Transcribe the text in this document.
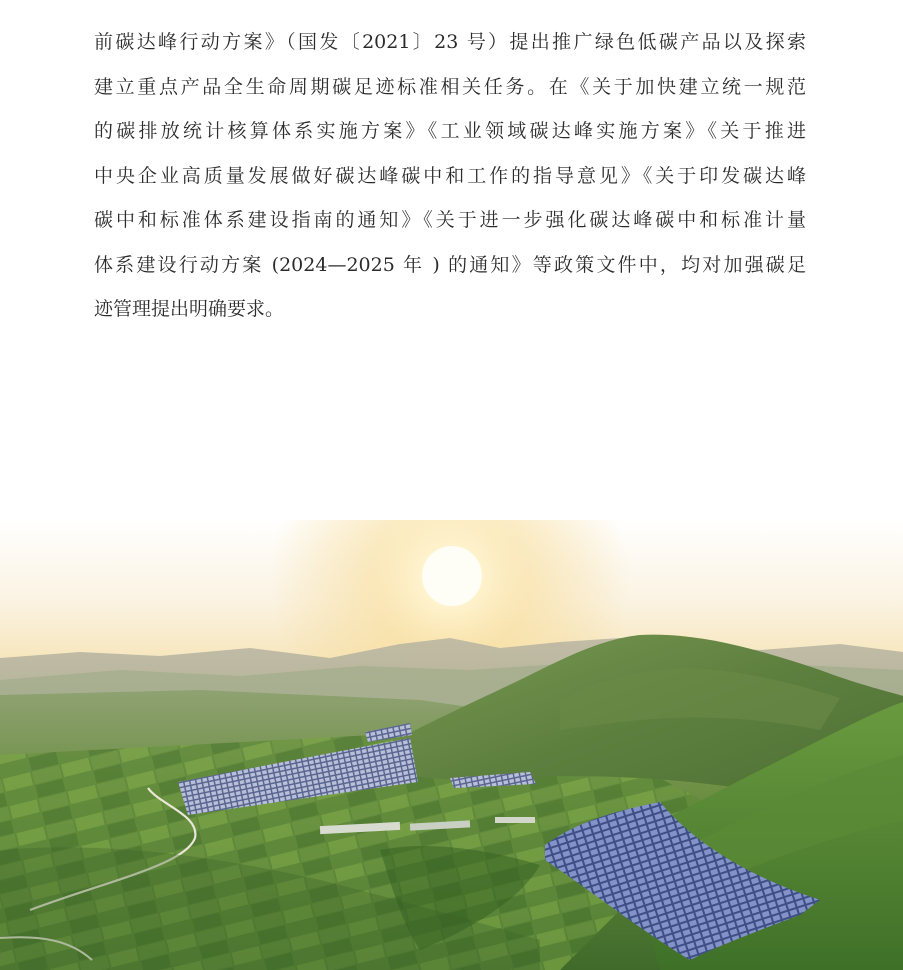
前碳达峰行动方案》（国发〔2021〕23 号）提出推广绿色低碳产品以及探索
建立重点产品全生命周期碳足迹标准相关任务。在《关于加快建立统一规范
的碳排放统计核算体系实施方案》《工业领域碳达峰实施方案》《关于推进
中央企业高质量发展做好碳达峰碳中和工作的指导意见》《关于印发碳达峰
碳中和标准体系建设指南的通知》《关于进一步强化碳达峰碳中和标准计量
体系建设行动方案 (2024—2025 年 ) 的通知》等政策文件中，均对加强碳足
迹管理提出明确要求。
